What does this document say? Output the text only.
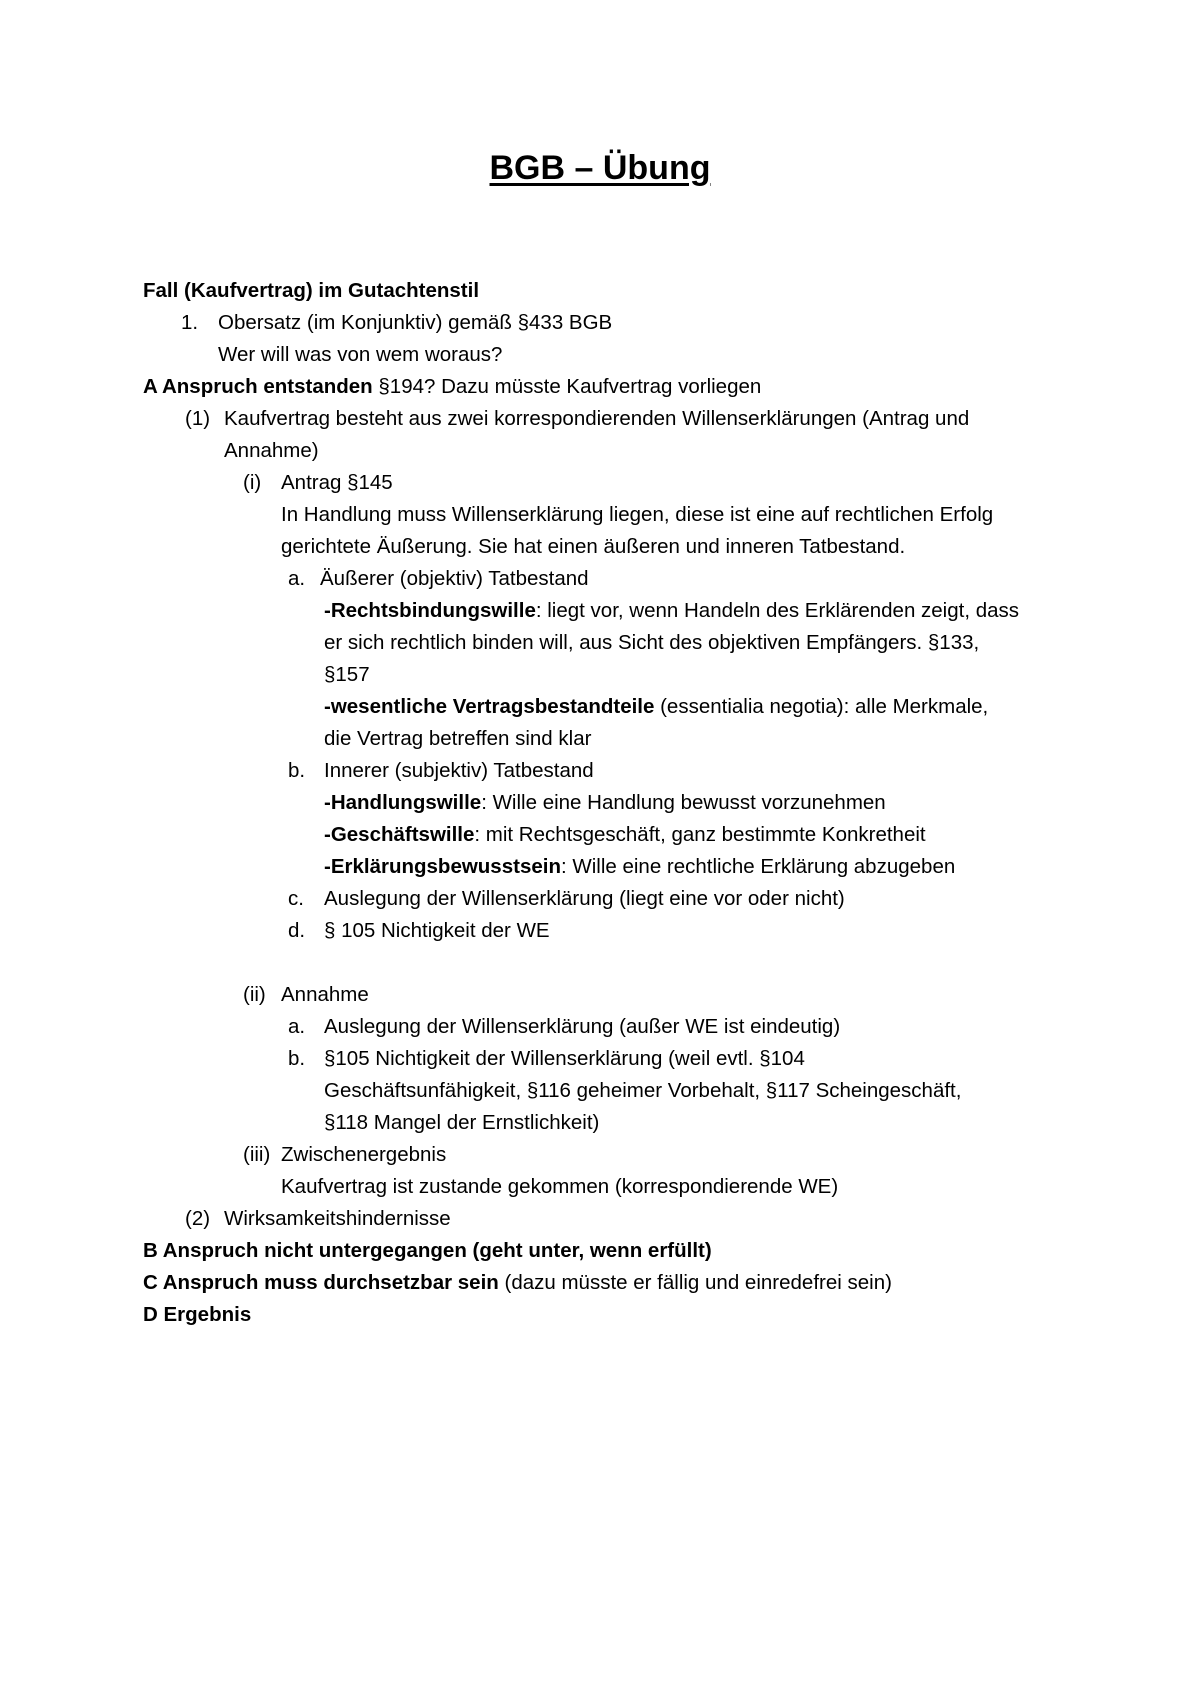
BGB – Übung
Fall (Kaufvertrag) im Gutachtenstil
1. Obersatz (im Konjunktiv) gemäß §433 BGB
Wer will was von wem woraus?
A Anspruch entstanden §194? Dazu müsste Kaufvertrag vorliegen
(1) Kaufvertrag besteht aus zwei korrespondierenden Willenserklärungen (Antrag und
Annahme)
(i) Antrag §145
In Handlung muss Willenserklärung liegen, diese ist eine auf rechtlichen Erfolg
gerichtete Äußerung. Sie hat einen äußeren und inneren Tatbestand.
a. Äußerer (objektiv) Tatbestand
-Rechtsbindungswille: liegt vor, wenn Handeln des Erklärenden zeigt, dass
er sich rechtlich binden will, aus Sicht des objektiven Empfängers. §133,
§157
-wesentliche Vertragsbestandteile (essentialia negotia): alle Merkmale,
die Vertrag betreffen sind klar
b. Innerer (subjektiv) Tatbestand
-Handlungswille: Wille eine Handlung bewusst vorzunehmen
-Geschäftswille: mit Rechtsgeschäft, ganz bestimmte Konkretheit
-Erklärungsbewusstsein: Wille eine rechtliche Erklärung abzugeben
c. Auslegung der Willenserklärung (liegt eine vor oder nicht)
d. § 105 Nichtigkeit der WE
(ii) Annahme
a. Auslegung der Willenserklärung (außer WE ist eindeutig)
b. §105 Nichtigkeit der Willenserklärung (weil evtl. §104
Geschäftsunfähigkeit, §116 geheimer Vorbehalt, §117 Scheingeschäft,
§118 Mangel der Ernstlichkeit)
(iii) Zwischenergebnis
Kaufvertrag ist zustande gekommen (korrespondierende WE)
(2) Wirksamkeitshindernisse
B Anspruch nicht untergegangen (geht unter, wenn erfüllt)
C Anspruch muss durchsetzbar sein (dazu müsste er fällig und einredefrei sein)
D Ergebnis
